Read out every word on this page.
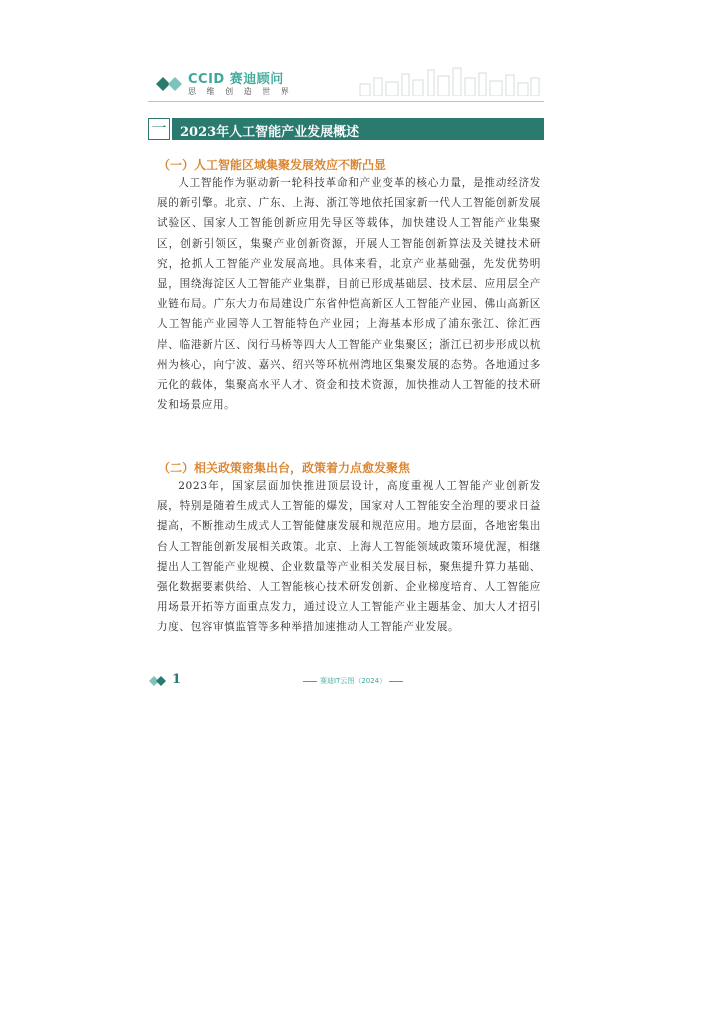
CCID 赛迪顾问
思 维 创 造 世 界
一 2023年人工智能产业发展概述
（一）人工智能区域集聚发展效应不断凸显

人工智能作为驱动新一轮科技革命和产业变革的核心力量，是推动经济发展的新引擎。北京、广东、上海、浙江等地依托国家新一代人工智能创新发展试验区、国家人工智能创新应用先导区等载体，加快建设人工智能产业集聚区，创新引领区，集聚产业创新资源，开展人工智能创新算法及关键技术研究，抢抓人工智能产业发展高地。具体来看，北京产业基础强，先发优势明显，围绕海淀区人工智能产业集群，目前已形成基础层、技术层、应用层全产业链布局。广东大力布局建设广东省仲恺高新区人工智能产业园、佛山高新区人工智能产业园等人工智能特色产业园；上海基本形成了浦东张江、徐汇西岸、临港新片区、闵行马桥等四大人工智能产业集聚区；浙江已初步形成以杭州为核心，向宁波、嘉兴、绍兴等环杭州湾地区集聚发展的态势。各地通过多元化的载体，集聚高水平人才、资金和技术资源，加快推动人工智能的技术研发和场景应用。

（二）相关政策密集出台，政策着力点愈发聚焦

2023年，国家层面加快推进顶层设计，高度重视人工智能产业创新发展，特别是随着生成式人工智能的爆发，国家对人工智能安全治理的要求日益提高，不断推动生成式人工智能健康发展和规范应用。地方层面，各地密集出台人工智能创新发展相关政策。北京、上海人工智能领域政策环境优渥，相继提出人工智能产业规模、企业数量等产业相关发展目标，聚焦提升算力基础、强化数据要素供给、人工智能核心技术研发创新、企业梯度培育、人工智能应用场景开拓等方面重点发力，通过设立人工智能产业主题基金、加大人才招引力度、包容审慎监管等多种举措加速推动人工智能产业发展。

1	赛迪IT云图（2024）
